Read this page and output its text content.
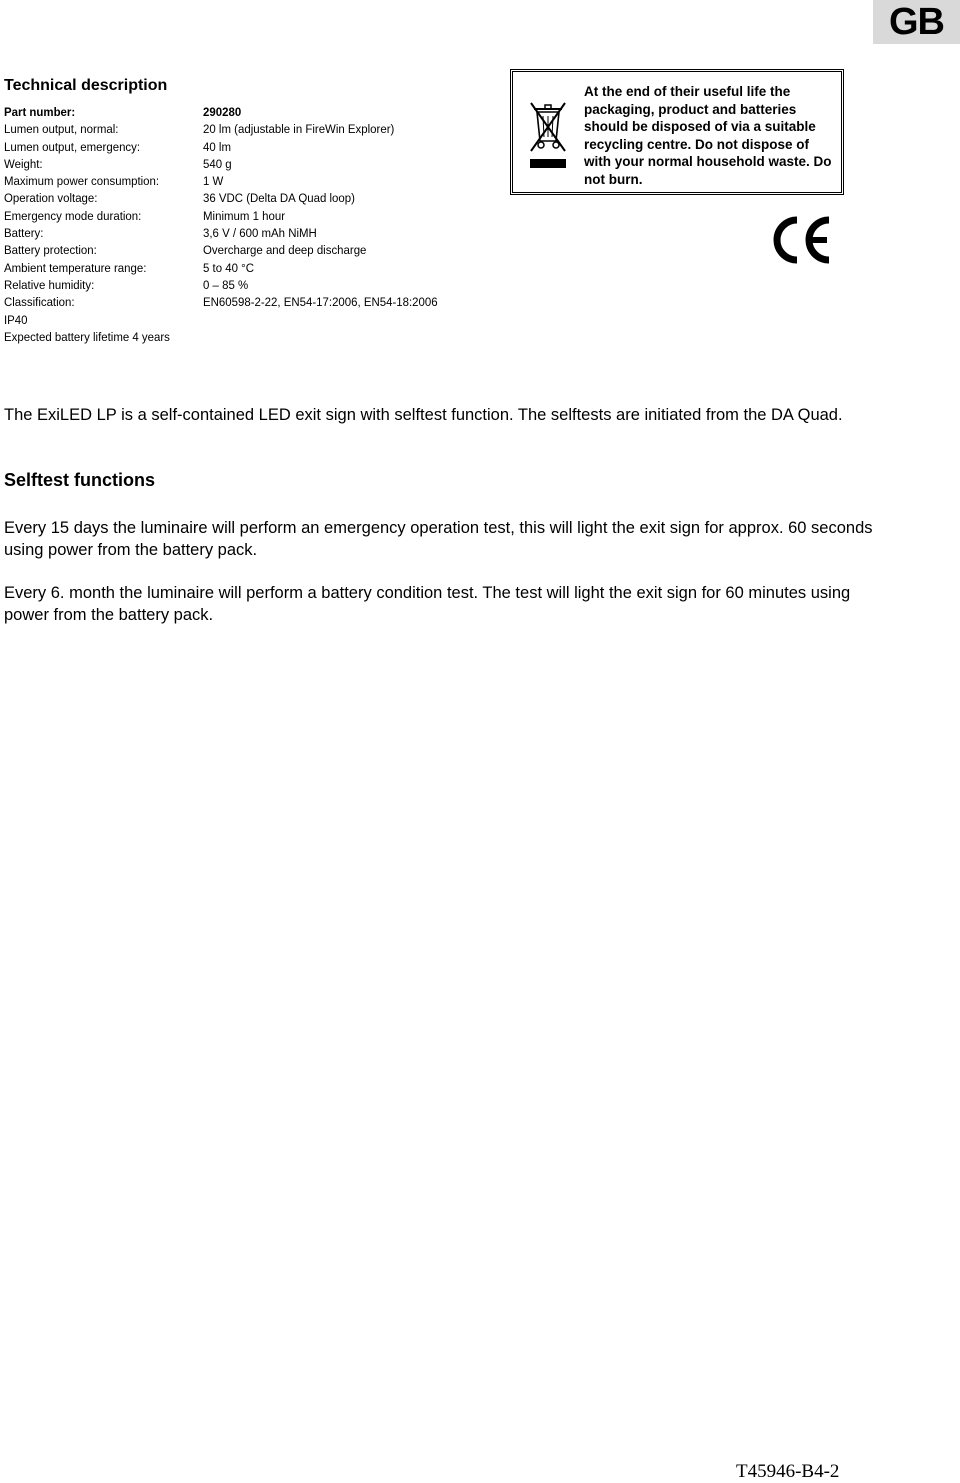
GB
Technical description
Part number:	290280
Lumen output, normal:	20 lm (adjustable in FireWin Explorer)
Lumen output, emergency:	40 lm
Weight:	540 g
Maximum power consumption:	1 W
Operation voltage:	36 VDC (Delta DA Quad loop)
Emergency mode duration:	Minimum 1 hour
Battery:	3,6 V / 600 mAh NiMH
Battery protection:	Overcharge and deep discharge
Ambient temperature range:	5 to 40 °C
Relative humidity:	0 – 85 %
Classification:	EN60598-2-22, EN54-17:2006, EN54-18:2006
IP40
Expected battery lifetime 4 years
At the end of their useful life the packaging, product and batteries should be disposed of via a suitable recycling centre. Do not dispose of with your normal household waste. Do not burn.
The ExiLED LP is a self-contained LED exit sign with selftest function. The selftests are initiated from the DA Quad.
Selftest functions
Every 15 days the luminaire will perform an emergency operation test, this will light the exit sign for approx. 60 seconds using power from the battery pack.
Every 6. month the luminaire will perform a battery condition test. The test will light the exit sign for 60 minutes using power from the battery pack.
T45946-B4-2
